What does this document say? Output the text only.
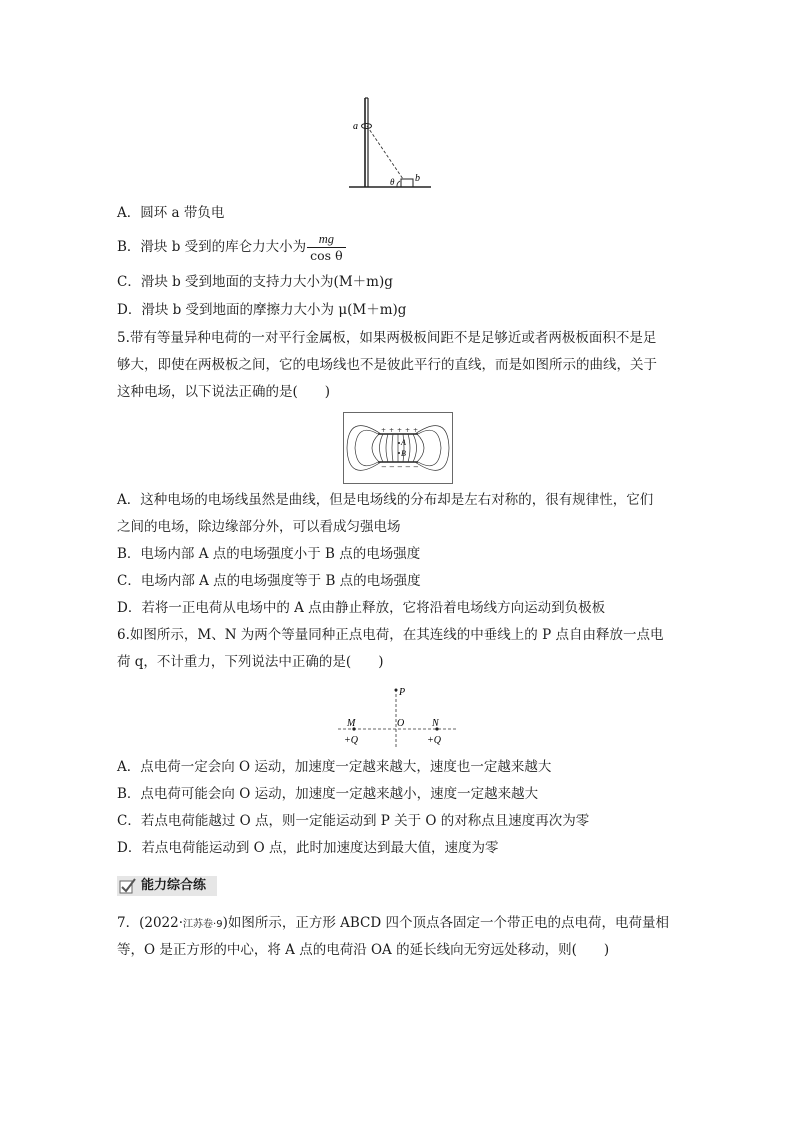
a
b
θ
A．圆环 a 带负电
B．滑块 b 受到的库仑力大小为 $\frac{mg}{\text{cos θ}}$
C．滑块 b 受到地面的支持力大小为(M＋m)g
D．滑块 b 受到地面的摩擦力大小为 μ(M＋m)g
5.带有等量异种电荷的一对平行金属板，如果两极板间距不是足够近或者两极板面积不是足
够大，即使在两极板之间，它的电场线也不是彼此平行的直线，而是如图所示的曲线，关于
这种电场，以下说法正确的是(　　)
+ + + + +
− − − − −
A
B
A．这种电场的电场线虽然是曲线，但是电场线的分布却是左右对称的，很有规律性，它们
之间的电场，除边缘部分外，可以看成匀强电场
B．电场内部 A 点的电场强度小于 B 点的电场强度
C．电场内部 A 点的电场强度等于 B 点的电场强度
D．若将一正电荷从电场中的 A 点由静止释放，它将沿着电场线方向运动到负极板
6.如图所示，M、N 为两个等量同种正点电荷，在其连线的中垂线上的 P 点自由释放一点电
荷 q，不计重力，下列说法中正确的是(　　)
P
M	O	N
+Q	+Q
A．点电荷一定会向 O 运动，加速度一定越来越大，速度也一定越来越大
B．点电荷可能会向 O 运动，加速度一定越来越小，速度一定越来越大
C．若点电荷能越过 O 点，则一定能运动到 P 关于 O 的对称点且速度再次为零
D．若点电荷能运动到 O 点，此时加速度达到最大值，速度为零
能力综合练
7．(2022·江苏卷·9)如图所示，正方形 ABCD 四个顶点各固定一个带正电的点电荷，电荷量相
等，O 是正方形的中心，将 A 点的电荷沿 OA 的延长线向无穷远处移动，则(　　)
